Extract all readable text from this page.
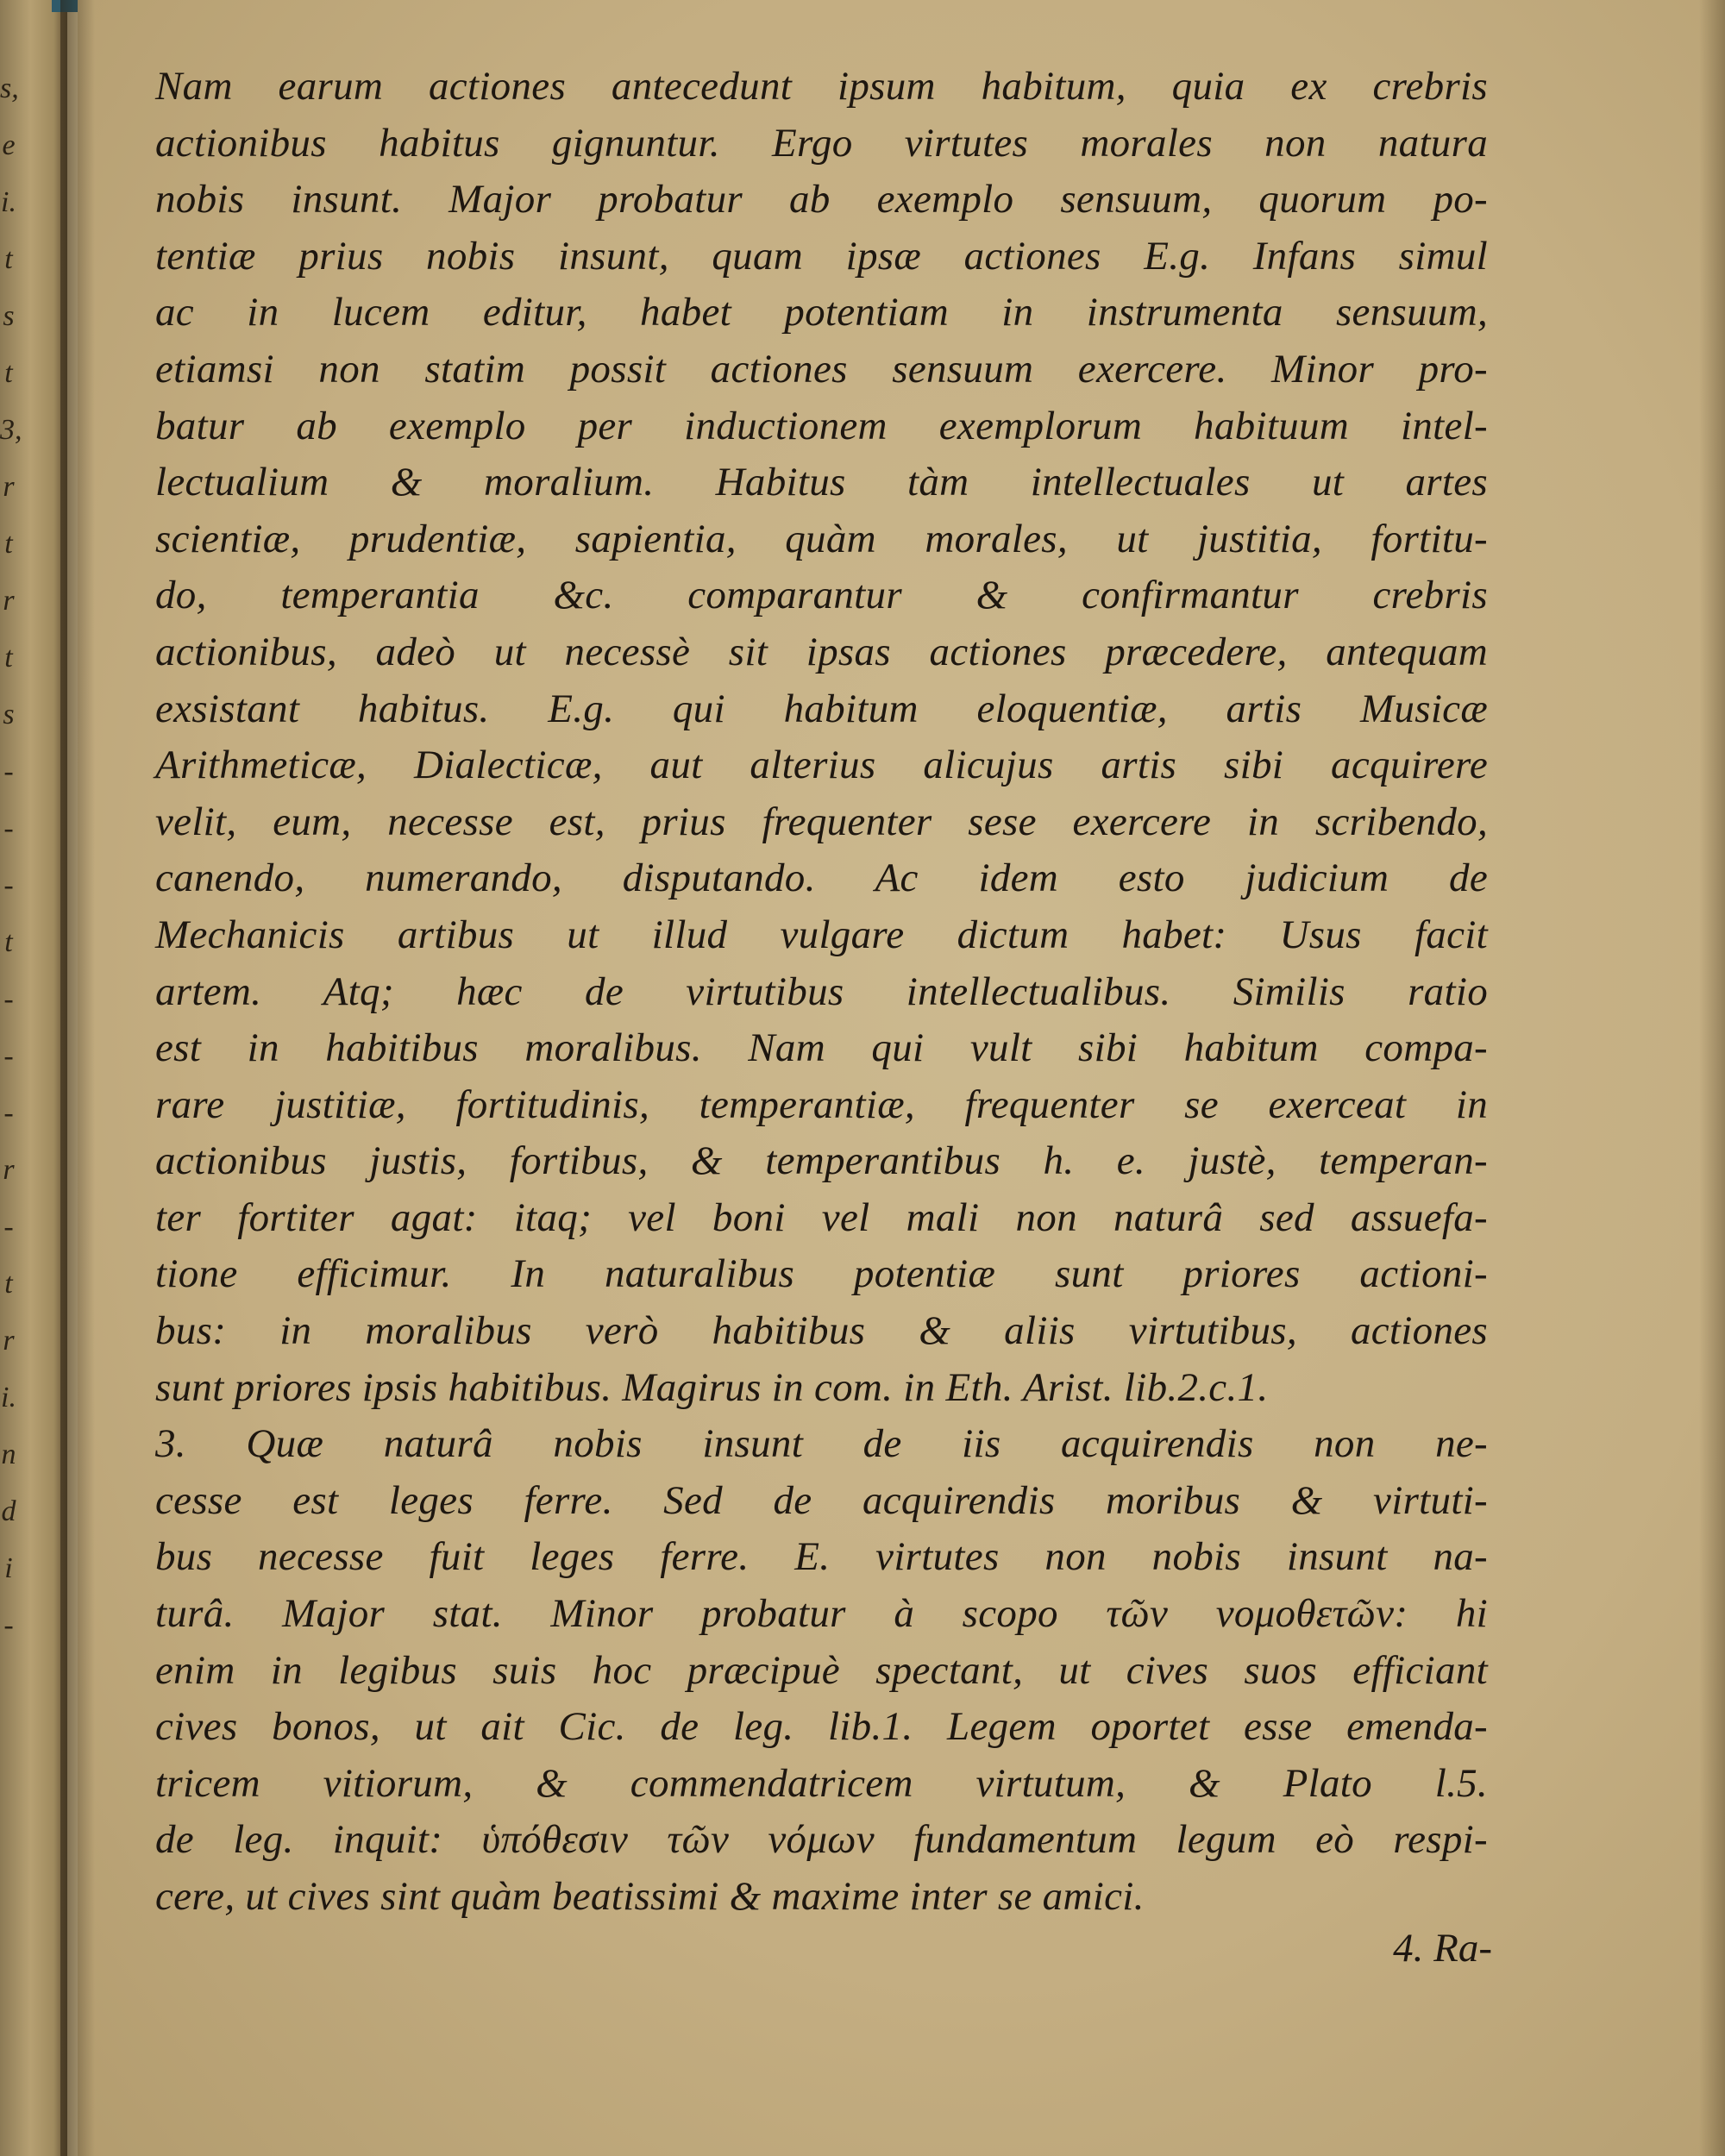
s,
e
i.
t
s
t
3,
r
t
r
t
s
-
-
-
t
-
-
-
r
-
t
r
i.
n
d
i
-
Nam earum actiones antecedunt ipsum habitum, quia ex crebris
actionibus habitus gignuntur. Ergo virtutes morales non natura
nobis insunt. Major probatur ab exemplo sensuum, quorum po-
tentiæ prius nobis insunt, quam ipsæ actiones E.g. Infans simul
ac in lucem editur, habet potentiam in instrumenta sensuum,
etiamsi non statim possit actiones sensuum exercere. Minor pro-
batur ab exemplo per inductionem exemplorum habituum intel-
lectualium & moralium. Habitus tàm intellectuales ut artes
scientiæ, prudentiæ, sapientia, quàm morales, ut justitia, fortitu-
do, temperantia &c. comparantur & confirmantur crebris
actionibus, adeò ut necessè sit ipsas actiones præcedere, antequam
exsistant habitus. E.g. qui habitum eloquentiæ, artis Musicæ
Arithmeticæ, Dialecticæ, aut alterius alicujus artis sibi acquirere
velit, eum, necesse est, prius frequenter sese exercere in scribendo,
canendo, numerando, disputando. Ac idem esto judicium de
Mechanicis artibus ut illud vulgare dictum habet: Usus facit
artem. Atq; hæc de virtutibus intellectualibus. Similis ratio
est in habitibus moralibus. Nam qui vult sibi habitum compa-
rare justitiæ, fortitudinis, temperantiæ, frequenter se exerceat in
actionibus justis, fortibus, & temperantibus h. e. justè, temperan-
ter fortiter agat: itaq; vel boni vel mali non naturâ sed assuefa-
tione efficimur. In naturalibus potentiæ sunt priores actioni-
bus: in moralibus verò habitibus & aliis virtutibus, actiones
sunt priores ipsis habitibus. Magirus in com. in Eth. Arist. lib.2.c.1.
3. Quæ naturâ nobis insunt de iis acquirendis non ne-
cesse est leges ferre. Sed de acquirendis moribus & virtuti-
bus necesse fuit leges ferre. E. virtutes non nobis insunt na-
turâ. Major stat. Minor probatur à scopo τῶν νομοθετῶν: hi
enim in legibus suis hoc præcipuè spectant, ut cives suos efficiant
cives bonos, ut ait Cic. de leg. lib.1. Legem oportet esse emenda-
tricem vitiorum, & commendatricem virtutum, & Plato l.5.
de leg. inquit: ὑπόθεσιν τῶν νόμων fundamentum legum eò respi-
cere, ut cives sint quàm beatissimi & maxime inter se amici.
4. Ra-
